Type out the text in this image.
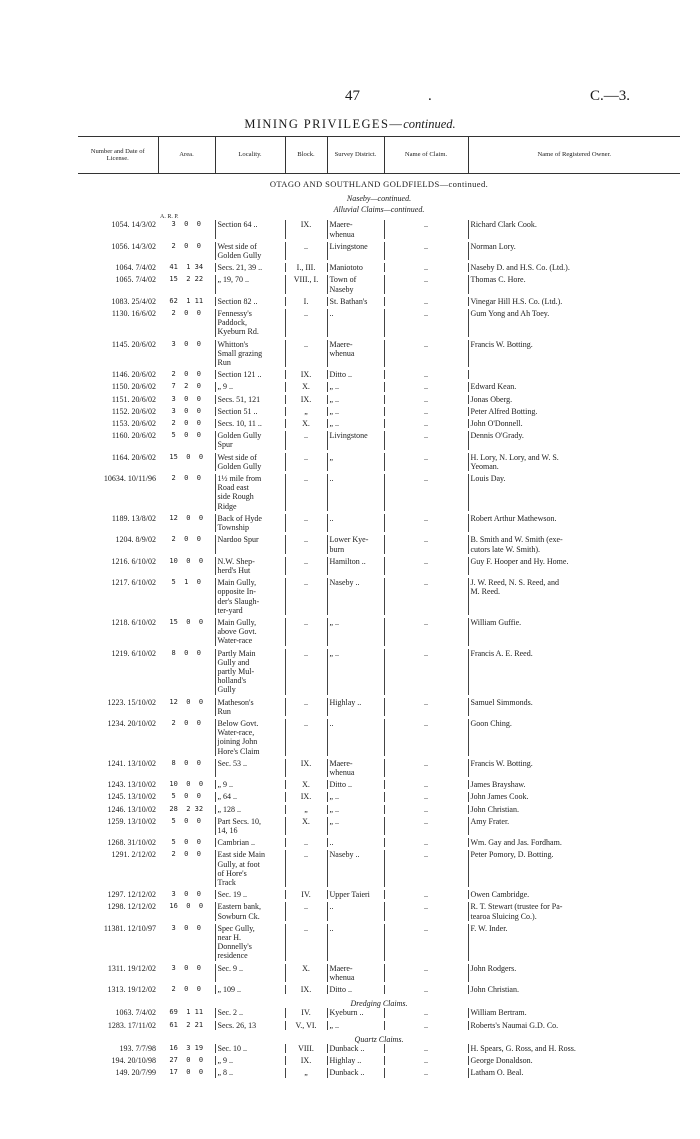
47	.	C.—3.
MINING PRIVILEGES—continued.
Number and Date of License.	Area.	Locality.	Block.	Survey District.	Name of Claim.	Name of Registered Owner.
OTAGO AND SOUTHLAND GOLDFIELDS—continued.						
Naseby—continued.						
Alluvial Claims—continued.						
A. R. P.						
1054. 14/3/02	3  0  0	Section 64 ..	IX.	Maere-
whenua	..	Richard Clark Cook.

1056. 14/3/02	2  0  0	West side of
Golden Gully	..	Livingstone	..	Norman Lory.

1064. 7/4/02	41  1 34	Secs. 21, 39 ..	I., III.	Maniototo	..	Naseby D. and H.S. Co. (Ltd.).

1065. 7/4/02	15  2 22	„ 19, 70 ..	VIII., I.	Town of
Naseby	..	Thomas C. Hore.

1083. 25/4/02	62  1 11	Section 82 ..	I.	St. Bathan's	..	Vinegar Hill H.S. Co. (Ltd.).

1130. 16/6/02	2  0  0	Fennessy's
Paddock,
Kyeburn Rd.	..	..	..	Gum Yong and Ah Toey.

1145. 20/6/02	3  0  0	Whitton's
Small grazing
Run	..	Maere-
whenua	..	Francis W. Botting.

1146. 20/6/02	2  0  0	Section 121 ..	IX.	Ditto ..	..	

1150. 20/6/02	7  2  0	„ 9 ..	X.	„ ..	..	Edward Kean.

1151. 20/6/02	3  0  0	Secs. 51, 121	IX.	„ ..	..	Jonas Oberg.

1152. 20/6/02	3  0  0	Section 51 ..	„	„ ..	..	Peter Alfred Botting.

1153. 20/6/02	2  0  0	Secs. 10, 11 ..	X.	„ ..	..	John O'Donnell.

1160. 20/6/02	5  0  0	Golden Gully
Spur	..	Livingstone	..	Dennis O'Grady.

1164. 20/6/02	15  0  0	West side of
Golden Gully	..	„	..	H. Lory, N. Lory, and W. S.
Yeoman.

10634. 10/11/96	2  0  0	1½ mile from
Road east
side Rough
Ridge	..	..	..	Louis Day.

1189. 13/8/02	12  0  0	Back of Hyde
Township	..	..	..	Robert Arthur Mathewson.

1204. 8/9/02	2  0  0	Nardoo Spur	..	Lower Kye-
burn	..	B. Smith and W. Smith (exe-
cutors late W. Smith).

1216. 6/10/02	10  0  0	N.W. Shep-
herd's Hut	..	Hamilton ..	..	Guy F. Hooper and Hy. Home.

1217. 6/10/02	5  1  0	Main Gully,
opposite In-
der's Slaugh-
ter-yard	..	Naseby ..	..	J. W. Reed, N. S. Reed, and
M. Reed.

1218. 6/10/02	15  0  0	Main Gully,
above Govt.
Water-race	..	„ ..	..	William Guffie.

1219. 6/10/02	8  0  0	Partly Main
Gully and
partly Mul-
holland's
Gully	..	„ ..	..	Francis A. E. Reed.

1223. 15/10/02	12  0  0	Matheson's
Run	..	Highlay ..	..	Samuel Simmonds.

1234. 20/10/02	2  0  0	Below Govt.
Water-race,
joining John
Hore's Claim	..	..	..	Goon Ching.

1241. 13/10/02	8  0  0	Sec. 53 ..	IX.	Maere-
whenua	..	Francis W. Botting.

1243. 13/10/02	10  0  0	„ 9 ..	X.	Ditto ..	..	James Brayshaw.

1245. 13/10/02	5  0  0	„ 64 ..	IX.	„ ..	..	John James Cook.

1246. 13/10/02	28  2 32	„ 128 ..	„	„ ..	..	John Christian.

1259. 13/10/02	5  0  0	Part Secs. 10,
14, 16	X.	„ ..	..	Amy Frater.

1268. 31/10/02	5  0  0	Cambrian ..	..	..	..	Wm. Gay and Jas. Fordham.

1291. 2/12/02	2  0  0	East side Main
Gully, at foot
of Hore's
Track	..	Naseby ..	..	Peter Pomory, D. Botting.

1297. 12/12/02	3  0  0	Sec. 19 ..	IV.	Upper Taieri	..	Owen Cambridge.

1298. 12/12/02	16  0  0	Eastern bank,
Sowburn Ck.	..	..	..	R. T. Stewart (trustee for Pa-
tearoa Sluicing Co.).

11381. 12/10/97	3  0  0	Spec Gully,
near H.
Donnelly's
residence	..	..	..	F. W. Inder.

1311. 19/12/02	3  0  0	Sec. 9 ..	X.	Maere-
whenua	..	John Rodgers.

1313. 19/12/02	2  0  0	„ 109 ..	IX.	Ditto ..	..	John Christian.

Dredging Claims.						
1063. 7/4/02	69  1 11	Sec. 2 ..	IV.	Kyeburn ..	..	William Bertram.

1283. 17/11/02	61  2 21	Secs. 26, 13	V., VI.	„ ..	..	Roberts's Naumai G.D. Co.

Quartz Claims.						
193. 7/7/98	16  3 19	Sec. 10 ..	VIII.	Dunback ..	..	H. Spears, G. Ross, and H. Ross.

194. 20/10/98	27  0  0	„ 9 ..	IX.	Highlay ..	..	George Donaldson.

149. 20/7/99	17  0  0	„ 8 ..	„	Dunback ..	..	Latham O. Beal.
